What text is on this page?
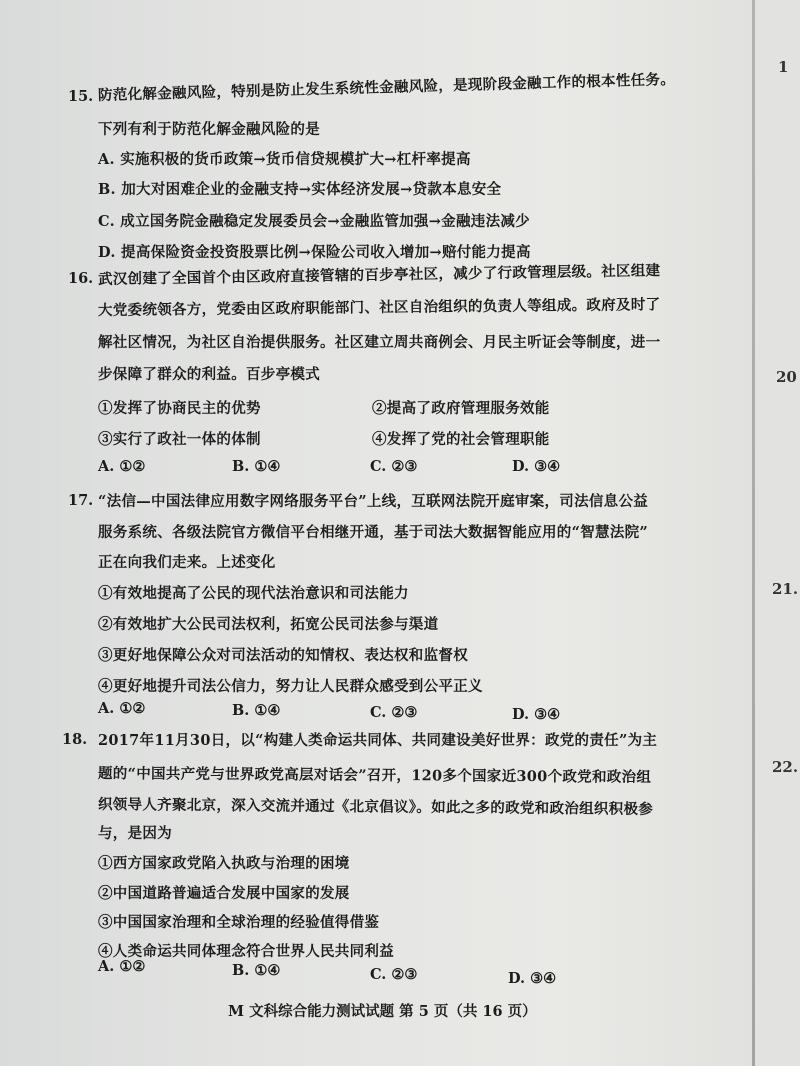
1
20
21.
22.
15. 防范化解金融风险，特别是防止发生系统性金融风险，是现阶段金融工作的根本性任务。
下列有利于防范化解金融风险的是
A. 实施积极的货币政策→货币信贷规模扩大→杠杆率提高
B. 加大对困难企业的金融支持→实体经济发展→贷款本息安全
C. 成立国务院金融稳定发展委员会→金融监管加强→金融违法减少
D. 提高保险资金投资股票比例→保险公司收入增加→赔付能力提高
16. 武汉创建了全国首个由区政府直接管辖的百步亭社区，减少了行政管理层级。社区组建
大党委统领各方，党委由区政府职能部门、社区自治组织的负责人等组成。政府及时了
解社区情况，为社区自治提供服务。社区建立周共商例会、月民主听证会等制度，进一
步保障了群众的利益。百步亭模式
①发挥了协商民主的优势	②提高了政府管理服务效能
③实行了政社一体的体制	④发挥了党的社会管理职能
A. ①②	B. ①④	C. ②③	D. ③④
17. “法信—中国法律应用数字网络服务平台”上线，互联网法院开庭审案，司法信息公益
服务系统、各级法院官方微信平台相继开通，基于司法大数据智能应用的“智慧法院”
正在向我们走来。上述变化
①有效地提高了公民的现代法治意识和司法能力
②有效地扩大公民司法权利，拓宽公民司法参与渠道
③更好地保障公众对司法活动的知情权、表达权和监督权
④更好地提升司法公信力，努力让人民群众感受到公平正义
A. ①②	B. ①④	C. ②③	D. ③④
18. 2017年11月30日，以“构建人类命运共同体、共同建设美好世界：政党的责任”为主
题的“中国共产党与世界政党高层对话会”召开，120多个国家近300个政党和政治组
织领导人齐聚北京，深入交流并通过《北京倡议》。如此之多的政党和政治组织积极参
与，是因为
①西方国家政党陷入执政与治理的困境
②中国道路普遍适合发展中国家的发展
③中国国家治理和全球治理的经验值得借鉴
④人类命运共同体理念符合世界人民共同利益
A. ①②	B. ①④	C. ②③	D. ③④
M 文科综合能力测试试题 第 5 页（共 16 页）
